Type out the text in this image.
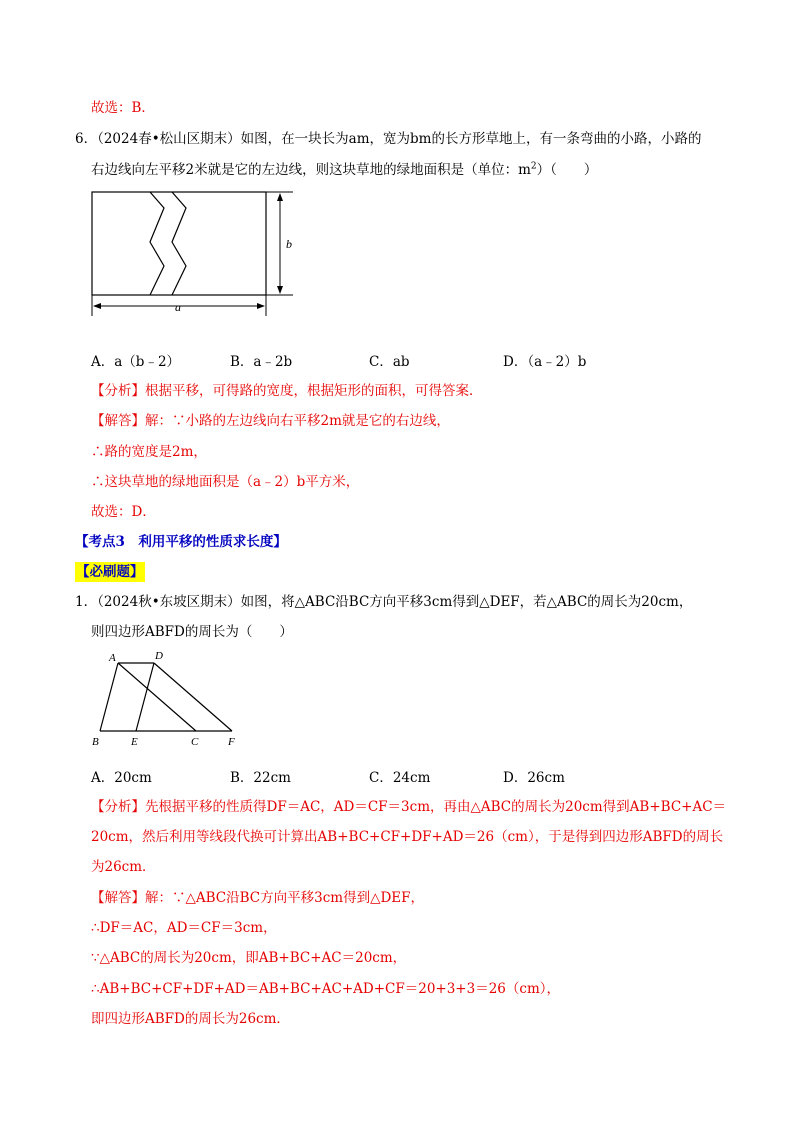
故选：B．
6．（2024春•松山区期末）如图，在一块长为am，宽为bm的长方形草地上，有一条弯曲的小路，小路的
右边线向左平移2米就是它的左边线，则这块草地的绿地面积是（单位：$m^2$）（　　）
b
a
A．a（b﹣2）	B．a﹣2b	C．ab	D．（a﹣2）b
【分析】根据平移，可得路的宽度，根据矩形的面积，可得答案．
【解答】解：∵小路的左边线向右平移2m就是它的右边线，
∴路的宽度是2m，
∴这块草地的绿地面积是（a﹣2）b平方米，
故选：D．
【考点3　利用平移的性质求长度】
【必刷题】
1．（2024秋•东坡区期末）如图，将△ABC沿BC方向平移3cm得到△DEF，若△ABC的周长为20cm，
则四边形ABFD的周长为（　　）
A	D
B	E	C	F
A．20cm	B．22cm	C．24cm	D．26cm
【分析】先根据平移的性质得DF＝AC，AD＝CF＝3cm，再由△ABC的周长为20cm得到AB+BC+AC＝
20cm，然后利用等线段代换可计算出AB+BC+CF+DF+AD＝26（cm），于是得到四边形ABFD的周长
为26cm．
【解答】解：∵△ABC沿BC方向平移3cm得到△DEF，
∴DF＝AC，AD＝CF＝3cm，
∵△ABC的周长为20cm，即AB+BC+AC＝20cm，
∴AB+BC+CF+DF+AD＝AB+BC+AC+AD+CF＝20+3+3＝26（cm），
即四边形ABFD的周长为26cm．
